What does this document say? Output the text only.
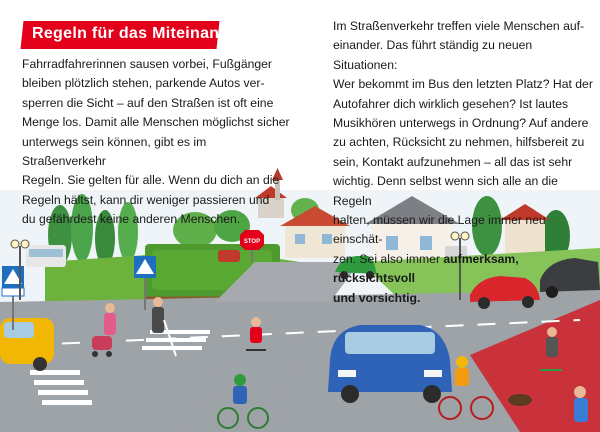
STOP
Regeln für das Miteinander

Fahrradfahrerinnen sausen vorbei, Fußgänger
bleiben plötzlich stehen, parkende Autos ver-
sperren die Sicht – auf den Straßen ist oft eine
Menge los. Damit alle Menschen möglichst sicher
unterwegs sein können, gibt es im Straßenverkehr
Regeln. Sie gelten für alle. Wenn du dich an die
Regeln hältst, kann dir weniger passieren und
du gefährdest keine anderen Menschen.

Im Straßenverkehr treffen viele Menschen auf-
einander. Das führt ständig zu neuen Situationen:
Wer bekommt im Bus den letzten Platz? Hat der
Autofahrer dich wirklich gesehen? Ist lautes
Musikhören unterwegs in Ordnung? Auf andere
zu achten, Rücksicht zu nehmen, hilfsbereit zu
sein, Kontakt aufzunehmen – all das ist sehr
wichtig. Denn selbst wenn sich alle an die Regeln
halten, müssen wir die Lage immer neu einschät-
zen. Sei also immer aufmerksam, rücksichtsvoll
und vorsichtig.
